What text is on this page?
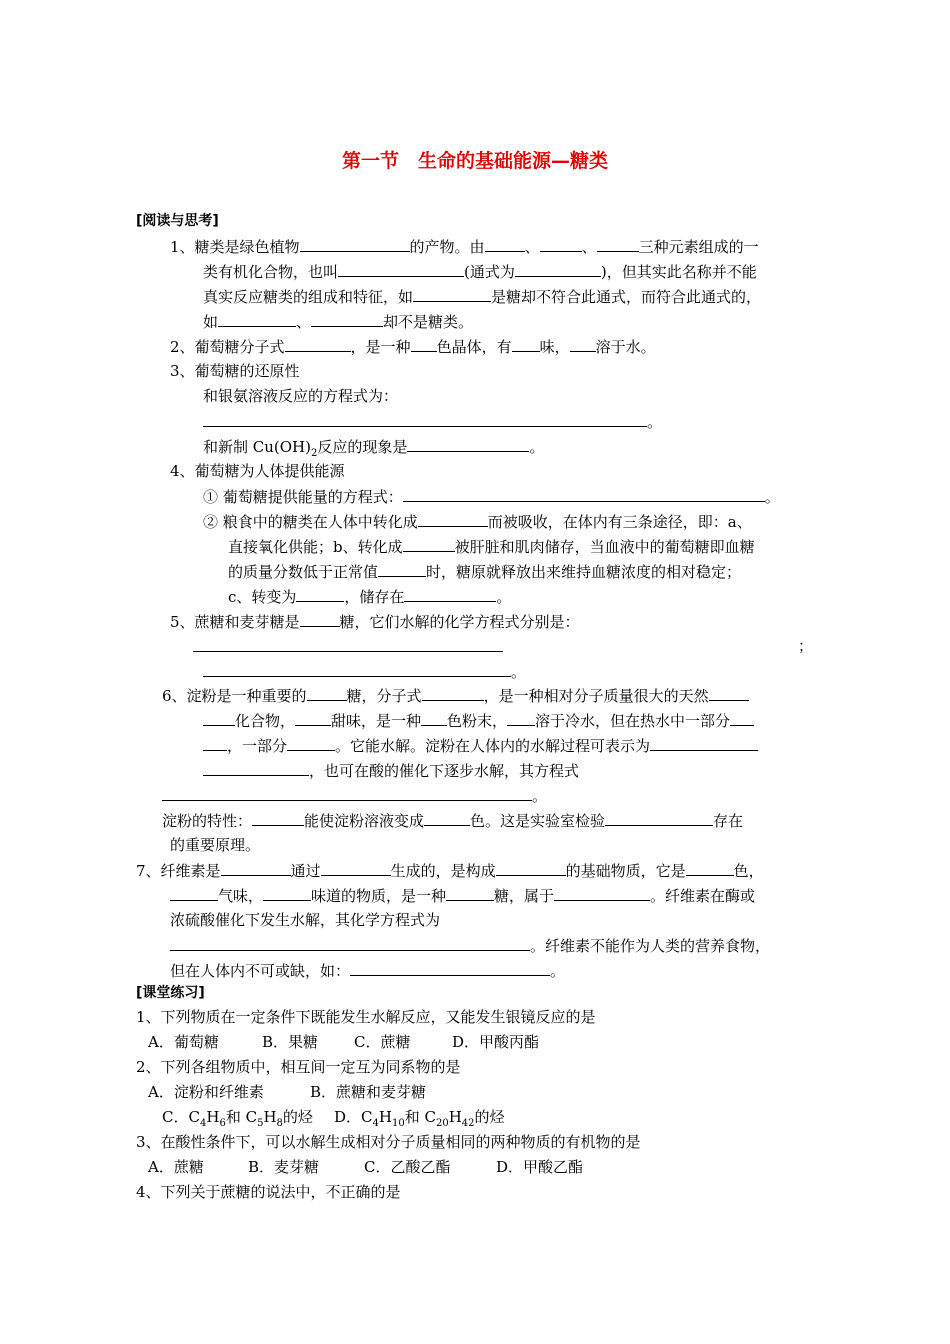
第一节　生命的基础能源—糖类
[阅读与思考]
1、糖类是绿色植物	的产物。由	、	、	三种元素组成的一
类有机化合物，也叫	(通式为	)，但其实此名称并不能
真实反应糖类的组成和特征，如	是糖却不符合此通式，而符合此通式的，
如	、	却不是糖类。
2、葡萄糖分子式	，是一种 色晶体，有 味， 溶于水。
3、葡萄糖的还原性
和银氨溶液反应的方程式为：
。
和新制 $Cu(OH)_2$反应的现象是	。
4、葡萄糖为人体提供能源
① 葡萄糖提供能量的方程式：	。
② 粮食中的糖类在人体中转化成	而被吸收，在体内有三条途径，即：a、
直接氧化供能；b、转化成	被肝脏和肌肉储存，当血液中的葡萄糖即血糖
的质量分数低于正常值	时，糖原就释放出来维持血糖浓度的相对稳定；
c、转变为	，储存在	。
5、蔗糖和麦芽糖是	糖，它们水解的化学方程式分别是：
；
。
6、淀粉是一种重要的	糖，分子式	，是一种相对分子质量很大的天然
化合物， 甜味，是一种 色粉末， 溶于冷水，但在热水中一部分
，一部分	。它能水解。淀粉在人体内的水解过程可表示为
，也可在酸的催化下逐步水解，其方程式
。
淀粉的特性：	能使淀粉溶液变成	色。这是实验室检验	存在
的重要原理。
7、纤维素是	通过	生成的，是构成	的基础物质，它是	色，
气味，	味道的物质，是一种	糖，属于	。纤维素在酶或
浓硫酸催化下发生水解，其化学方程式为
。纤维素不能作为人类的营养食物，
但在人体内不可或缺，如：	。
[课堂练习]
1、下列物质在一定条件下既能发生水解反应，又能发生银镜反应的是
A．葡萄糖	B．果糖 C．蔗糖	D．甲酸丙酯
2、下列各组物质中，相互间一定互为同系物的是
A．淀粉和纤维素	B．蔗糖和麦芽糖
C．$C_4H_6$和 $C_5H_8$的烃 D．$C_4H_{10}$和 $C_{20}H_{42}$的烃
3、在酸性条件下，可以水解生成相对分子质量相同的两种物质的有机物的是
A．蔗糖	B．麦芽糖	C．乙酸乙酯	D．甲酸乙酯
4、下列关于蔗糖的说法中，不正确的是
